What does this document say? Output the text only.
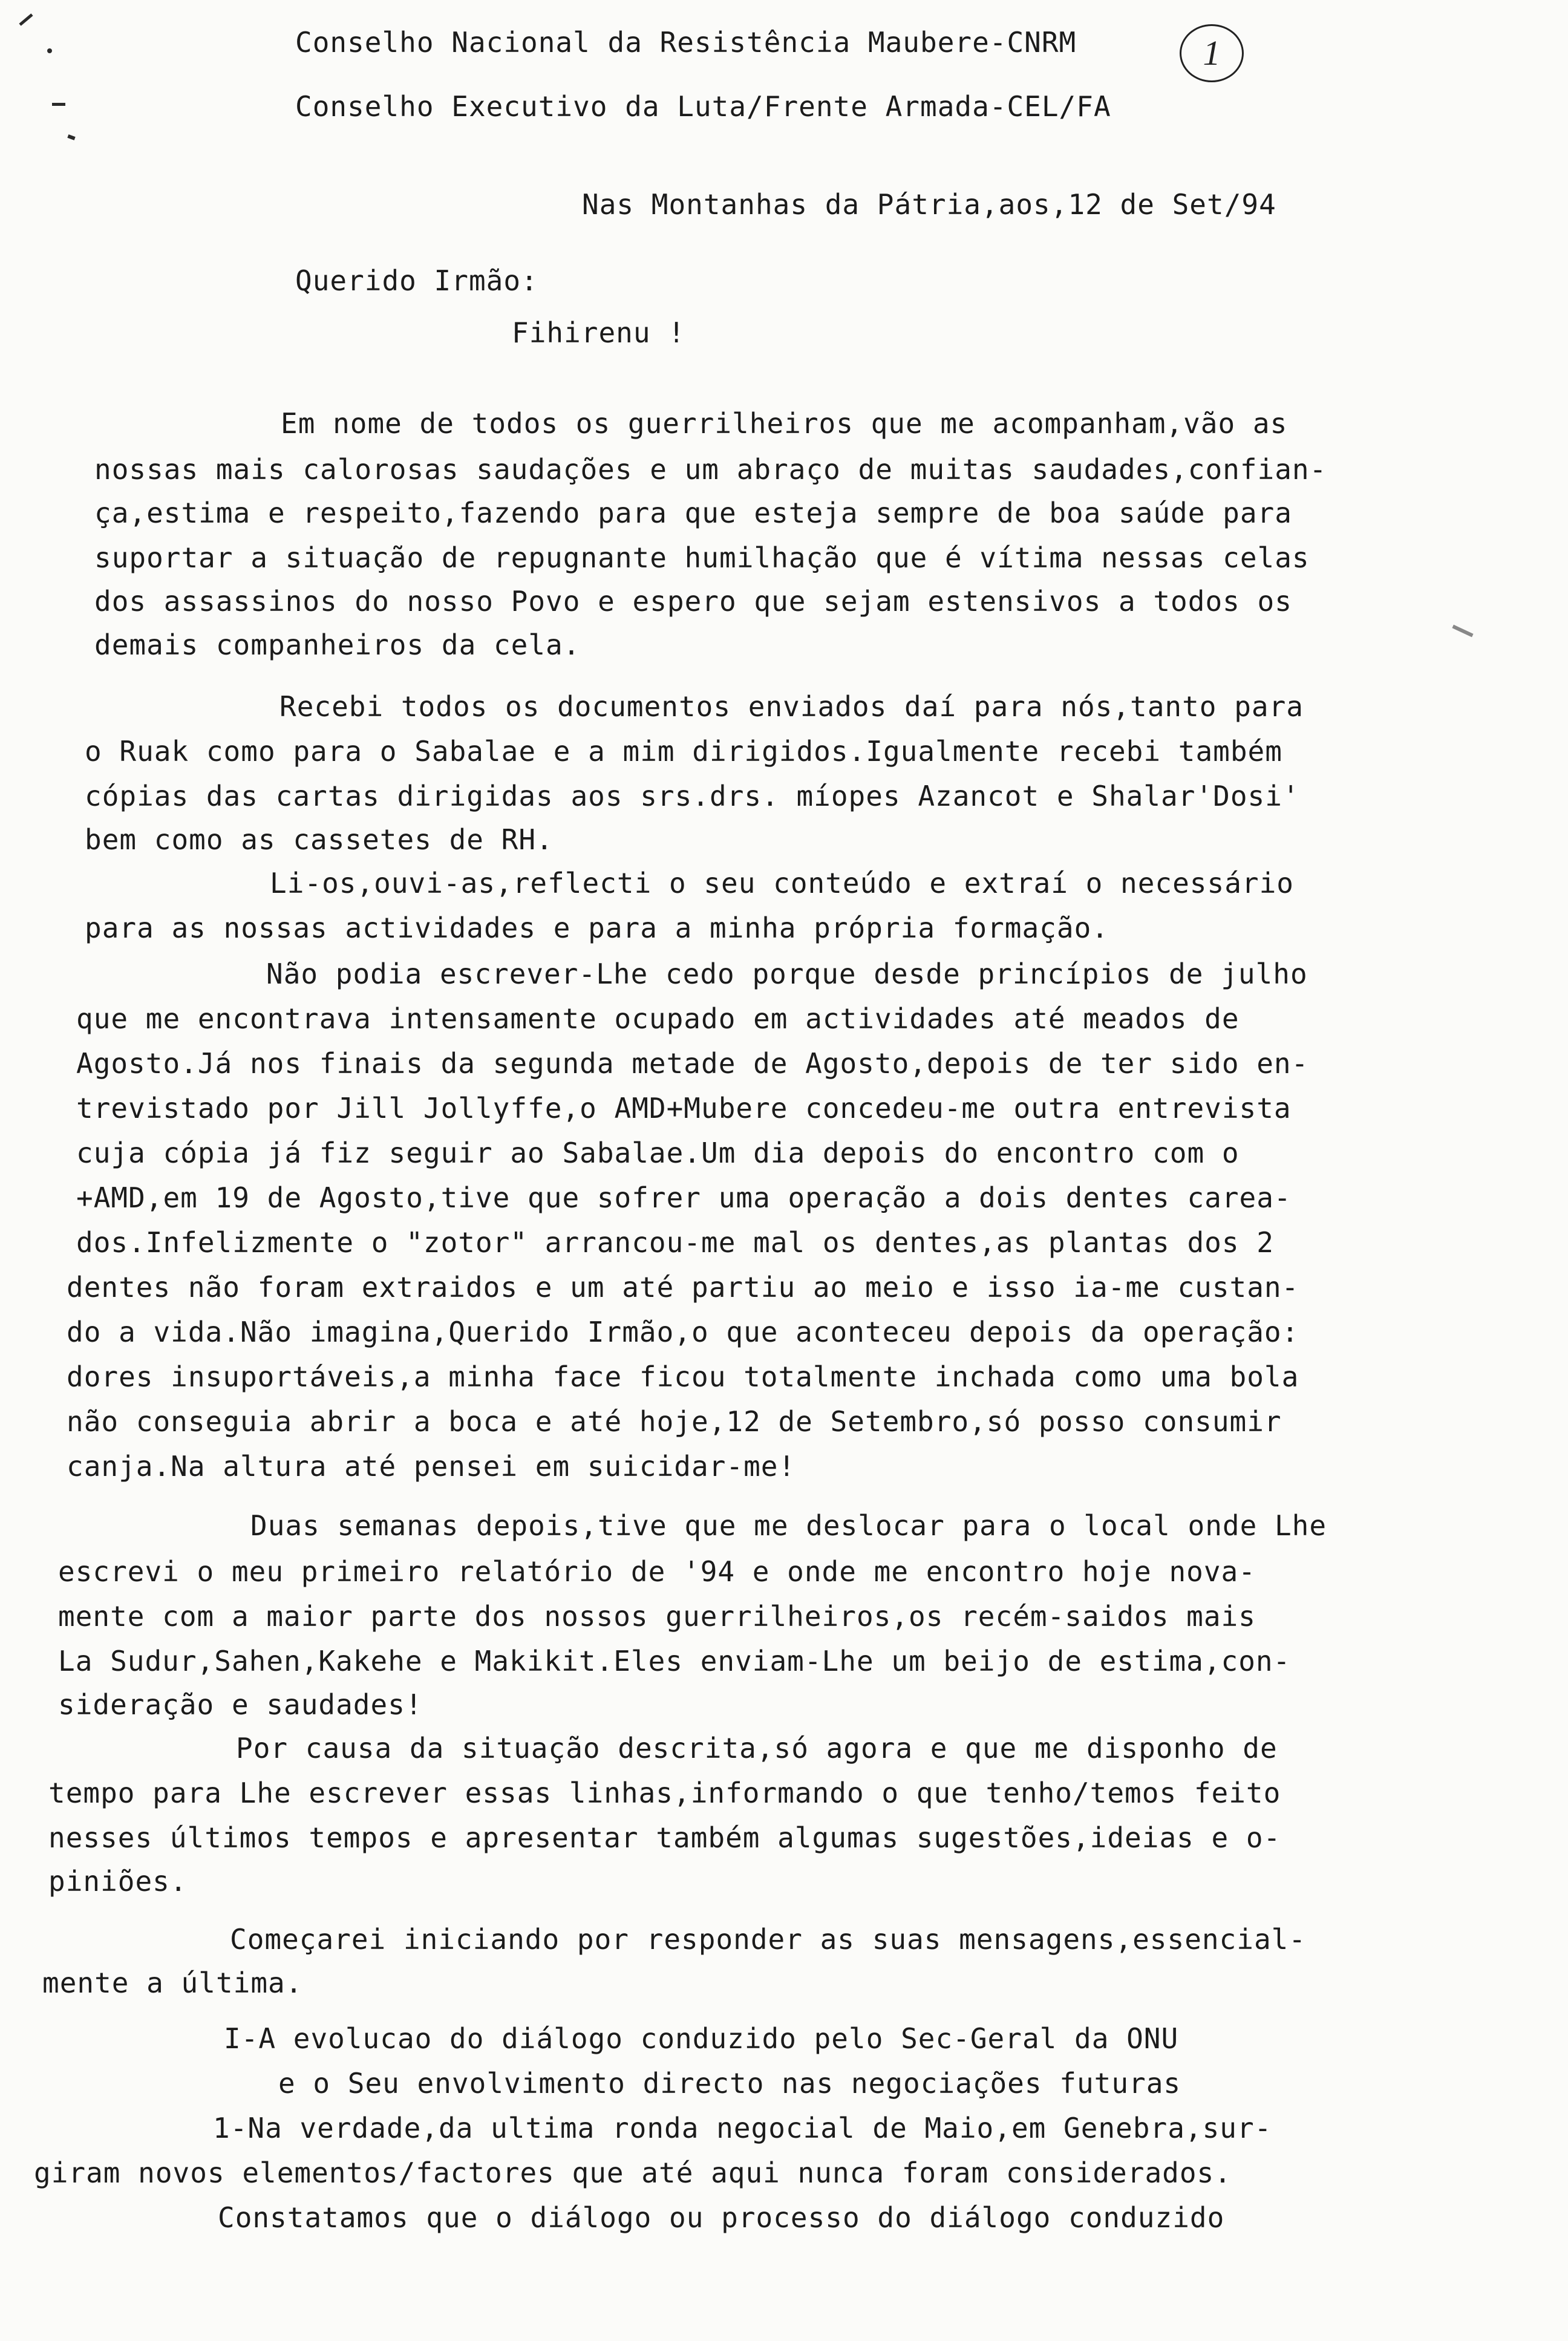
1
Conselho Nacional da Resistência Maubere-CNRM
Conselho Executivo da Luta/Frente Armada-CEL/FA
Nas Montanhas da Pátria,aos,12 de Set/94
Querido Irmão:
Fihirenu !
Em nome de todos os guerrilheiros que me acompanham,vão as
nossas mais calorosas saudações e um abraço de muitas saudades,confian-
ça,estima e respeito,fazendo para que esteja sempre de boa saúde para
suportar a situação de repugnante humilhação que é vítima nessas celas
dos assassinos do nosso Povo e espero que sejam estensivos a todos os
demais companheiros da cela.
Recebi todos os documentos enviados daí para nós,tanto para
o Ruak como para o Sabalae e a mim dirigidos.Igualmente recebi também
cópias das cartas dirigidas aos srs.drs. míopes Azancot e Shalar'Dosi'
bem como as cassetes de RH.
Li-os,ouvi-as,reflecti o seu conteúdo e extraí o necessário
para as nossas actividades e para a minha própria formação.
Não podia escrever-Lhe cedo porque desde princípios de julho
que me encontrava intensamente ocupado em actividades até meados de
Agosto.Já nos finais da segunda metade de Agosto,depois de ter sido en-
trevistado por Jill Jollyffe,o AMD+Mubere concedeu-me outra entrevista
cuja cópia já fiz seguir ao Sabalae.Um dia depois do encontro com o
+AMD,em 19 de Agosto,tive que sofrer uma operação a dois dentes carea-
dos.Infelizmente o "zotor" arrancou-me mal os dentes,as plantas dos 2
dentes não foram extraidos e um até partiu ao meio e isso ia-me custan-
do a vida.Não imagina,Querido Irmão,o que aconteceu depois da operação:
dores insuportáveis,a minha face ficou totalmente inchada como uma bola
não conseguia abrir a boca e até hoje,12 de Setembro,só posso consumir
canja.Na altura até pensei em suicidar-me!
Duas semanas depois,tive que me deslocar para o local onde Lhe
escrevi o meu primeiro relatório de '94 e onde me encontro hoje nova-
mente com a maior parte dos nossos guerrilheiros,os recém-saidos mais
La Sudur,Sahen,Kakehe e Makikit.Eles enviam-Lhe um beijo de estima,con-
sideração e saudades!
Por causa da situação descrita,só agora e que me disponho de
tempo para Lhe escrever essas linhas,informando o que tenho/temos feito
nesses últimos tempos e apresentar também algumas sugestões,ideias e o-
piniões.
Começarei iniciando por responder as suas mensagens,essencial-
mente a última.
I-A evolucao do diálogo conduzido pelo Sec-Geral da ONU
e o Seu envolvimento directo nas negociações futuras
1-Na verdade,da ultima ronda negocial de Maio,em Genebra,sur-
giram novos elementos/factores que até aqui nunca foram considerados.
Constatamos que o diálogo ou processo do diálogo conduzido
